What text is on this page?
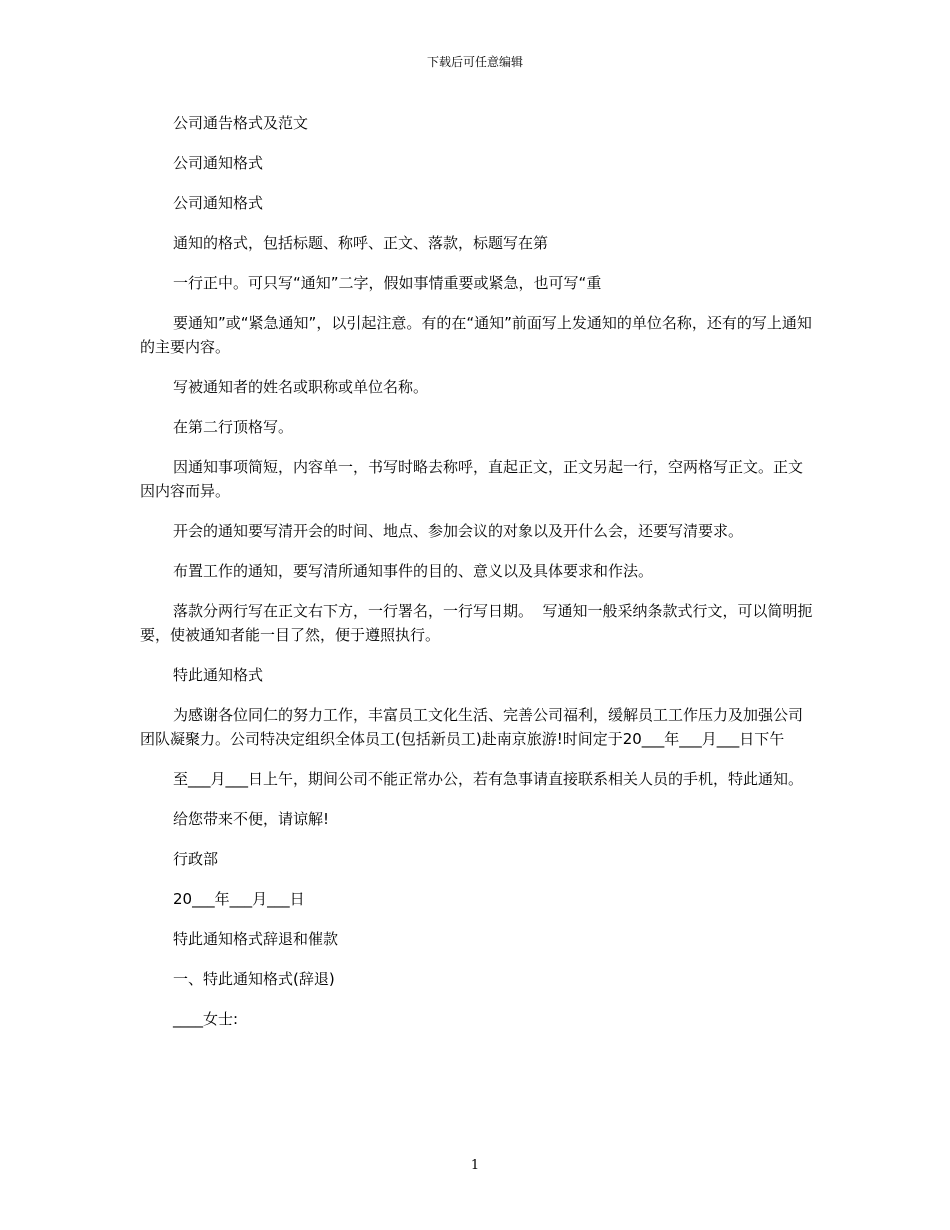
下载后可任意编辑

公司通告格式及范文

公司通知格式

公司通知格式

通知的格式，包括标题、称呼、正文、落款，标题写在第

一行正中。可只写“通知”二字，假如事情重要或紧急，也可写“重

要通知”或“紧急通知”，以引起注意。有的在“通知”前面写上发通知的单位名称，还有的写上通知的主要内容。

写被通知者的姓名或职称或单位名称。

在第二行顶格写。

因通知事项简短，内容单一，书写时略去称呼，直起正文，正文另起一行，空两格写正文。正文因内容而异。

开会的通知要写清开会的时间、地点、参加会议的对象以及开什么会，还要写清要求。

布置工作的通知，要写清所通知事件的目的、意义以及具体要求和作法。

落款分两行写在正文右下方，一行署名，一行写日期。  写通知一般采纳条款式行文，可以简明扼要，使被通知者能一目了然，便于遵照执行。

特此通知格式

为感谢各位同仁的努力工作，丰富员工文化生活、完善公司福利，缓解员工工作压力及加强公司团队凝聚力。公司特决定组织全体员工(包括新员工)赴南京旅游!时间定于20___年___月___日下午

至___月___日上午，期间公司不能正常办公，若有急事请直接联系相关人员的手机，特此通知。

给您带来不便，请谅解!

行政部

20___年___月___日

特此通知格式辞退和催款

一、特此通知格式(辞退)

____女士:

1
